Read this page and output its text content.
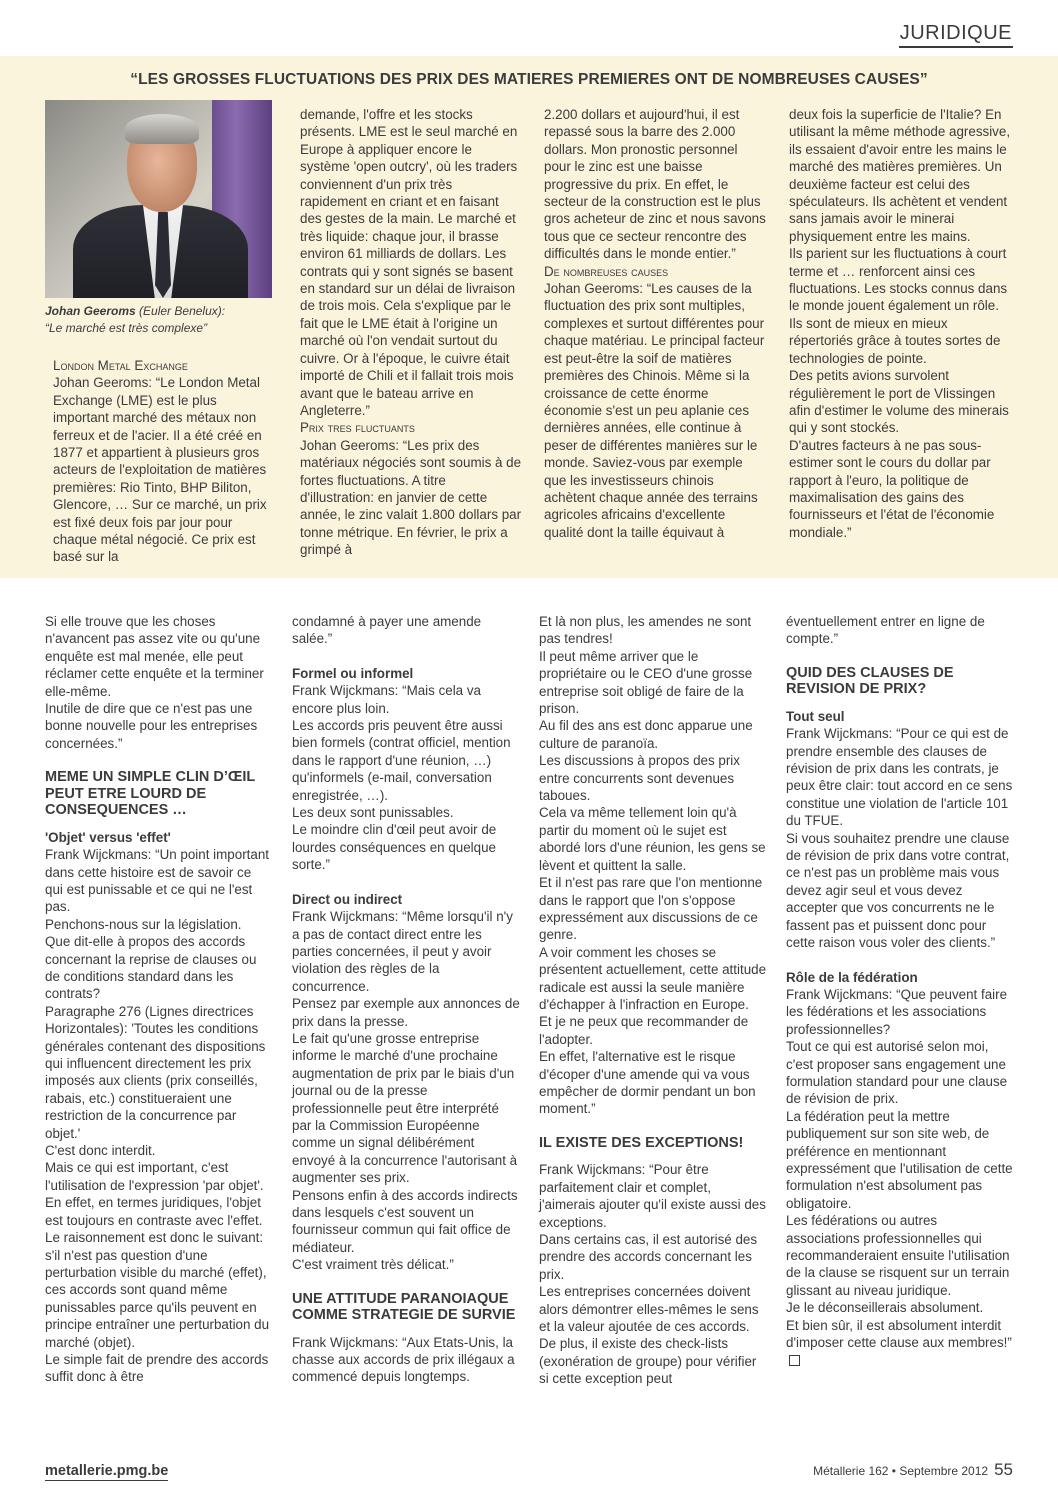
JURIDIQUE
“LES GROSSES FLUCTUATIONS DES PRIX DES MATIERES PREMIERES ONT DE NOMBREUSES CAUSES”
Johan Geeroms (Euler Benelux):
“Le marché est très complexe”

London Metal Exchange

Johan Geeroms: “Le London Metal Exchange (LME) est le plus important marché des métaux non ferreux et de l'acier. Il a été créé en 1877 et appartient à plusieurs gros acteurs de l'exploitation de matières premières: Rio Tinto, BHP Biliton, Glencore, … Sur ce marché, un prix est fixé deux fois par jour pour chaque métal négocié. Ce prix est basé sur la

demande, l'offre et les stocks présents. LME est le seul marché en Europe à appliquer encore le système 'open outcry', où les traders conviennent d'un prix très rapidement en criant et en faisant des gestes de la main. Le marché et très liquide: chaque jour, il brasse environ 61 milliards de dollars. Les contrats qui y sont signés se basent en standard sur un délai de livraison de trois mois. Cela s'explique par le fait que le LME était à l'origine un marché où l'on vendait surtout du cuivre. Or à l'époque, le cuivre était importé de Chili et il fallait trois mois avant que le bateau arrive en Angleterre.”

Prix tres fluctuants

Johan Geeroms: “Les prix des matériaux négociés sont soumis à de fortes fluctuations. A titre d'illustration: en janvier de cette année, le zinc valait 1.800 dollars par tonne métrique. En février, le prix a grimpé à

2.200 dollars et aujourd'hui, il est repassé sous la barre des 2.000 dollars. Mon pronostic personnel pour le zinc est une baisse progressive du prix. En effet, le secteur de la construction est le plus gros acheteur de zinc et nous savons tous que ce secteur rencontre des difficultés dans le monde entier.”

De nombreuses causes

Johan Geeroms: “Les causes de la fluctuation des prix sont multiples, complexes et surtout différentes pour chaque matériau. Le principal facteur est peut-être la soif de matières premières des Chinois. Même si la croissance de cette énorme économie s'est un peu aplanie ces dernières années, elle continue à peser de différentes manières sur le monde. Saviez-vous par exemple que les investisseurs chinois achètent chaque année des terrains agricoles africains d'excellente qualité dont la taille équivaut à

deux fois la superficie de l'Italie? En utilisant la même méthode agressive, ils essaient d'avoir entre les mains le marché des matières premières. Un deuxième facteur est celui des spéculateurs. Ils achètent et vendent sans jamais avoir le minerai physiquement entre les mains.

Ils parient sur les fluctuations à court terme et … renforcent ainsi ces fluctuations. Les stocks connus dans le monde jouent également un rôle.

Ils sont de mieux en mieux répertoriés grâce à toutes sortes de technologies de pointe.

Des petits avions survolent régulièrement le port de Vlissingen afin d'estimer le volume des minerais qui y sont stockés.

D'autres facteurs à ne pas sous-estimer sont le cours du dollar par rapport à l'euro, la politique de maximalisation des gains des fournisseurs et l'état de l'économie mondiale.”

Si elle trouve que les choses n'avancent pas assez vite ou qu'une enquête est mal menée, elle peut réclamer cette enquête et la terminer elle-même.

Inutile de dire que ce n'est pas une bonne nouvelle pour les entreprises concernées.”

MEME UN SIMPLE CLIN D’ŒIL PEUT ETRE LOURD DE CONSEQUENCES …

'Objet' versus 'effet'

Frank Wijckmans: “Un point important dans cette histoire est de savoir ce qui est punissable et ce qui ne l'est pas.

Penchons-nous sur la législation. Que dit-elle à propos des accords concernant la reprise de clauses ou de conditions standard dans les contrats?

Paragraphe 276 (Lignes directrices Horizontales): 'Toutes les conditions générales contenant des dispositions qui influencent directement les prix imposés aux clients (prix conseillés, rabais, etc.) constitueraient une restriction de la concurrence par objet.'

C'est donc interdit.

Mais ce qui est important, c'est l'utilisation de l'expression 'par objet'.

En effet, en termes juridiques, l'objet est toujours en contraste avec l'effet.

Le raisonnement est donc le suivant: s'il n'est pas question d'une perturbation visible du marché (effet), ces accords sont quand même punissables parce qu'ils peuvent en principe entraîner une perturbation du marché (objet).

Le simple fait de prendre des accords suffit donc à être

condamné à payer une amende salée.”

Formel ou informel

Frank Wijckmans: “Mais cela va encore plus loin.

Les accords pris peuvent être aussi bien formels (contrat officiel, mention dans le rapport d'une réunion, …) qu'informels (e-mail, conversation enregistrée, …).

Les deux sont punissables.

Le moindre clin d'œil peut avoir de lourdes conséquences en quelque sorte.”

Direct ou indirect

Frank Wijckmans: “Même lorsqu'il n'y a pas de contact direct entre les parties concernées, il peut y avoir violation des règles de la concurrence.

Pensez par exemple aux annonces de prix dans la presse.

Le fait qu'une grosse entreprise informe le marché d'une prochaine augmentation de prix par le biais d'un journal ou de la presse professionnelle peut être interprété par la Commission Européenne comme un signal délibérément envoyé à la concurrence l'autorisant à augmenter ses prix.

Pensons enfin à des accords indirects dans lesquels c'est souvent un fournisseur commun qui fait office de médiateur.

C'est vraiment très délicat.”

UNE ATTITUDE PARANOIAQUE COMME STRATEGIE DE SURVIE

Frank Wijckmans: “Aux Etats-Unis, la chasse aux accords de prix illégaux a commencé depuis longtemps.

Et là non plus, les amendes ne sont pas tendres!

Il peut même arriver que le propriétaire ou le CEO d'une grosse entreprise soit obligé de faire de la prison.

Au fil des ans est donc apparue une culture de paranoïa.

Les discussions à propos des prix entre concurrents sont devenues taboues.

Cela va même tellement loin qu'à partir du moment où le sujet est abordé lors d'une réunion, les gens se lèvent et quittent la salle.

Et il n'est pas rare que l'on mentionne dans le rapport que l'on s'oppose expressément aux discussions de ce genre.

A voir comment les choses se présentent actuellement, cette attitude radicale est aussi la seule manière d'échapper à l'infraction en Europe.

Et je ne peux que recommander de l'adopter.

En effet, l'alternative est le risque d'écoper d'une amende qui va vous empêcher de dormir pendant un bon moment.”

IL EXISTE DES EXCEPTIONS!

Frank Wijckmans: “Pour être parfaitement clair et complet, j'aimerais ajouter qu'il existe aussi des exceptions.

Dans certains cas, il est autorisé des prendre des accords concernant les prix.

Les entreprises concernées doivent alors démontrer elles-mêmes le sens et la valeur ajoutée de ces accords.

De plus, il existe des check-lists (exonération de groupe) pour vérifier si cette exception peut

éventuellement entrer en ligne de compte.”

QUID DES CLAUSES DE REVISION DE PRIX?

Tout seul

Frank Wijckmans: “Pour ce qui est de prendre ensemble des clauses de révision de prix dans les contrats, je peux être clair: tout accord en ce sens constitue une violation de l'article 101 du TFUE.

Si vous souhaitez prendre une clause de révision de prix dans votre contrat, ce n'est pas un problème mais vous devez agir seul et vous devez accepter que vos concurrents ne le fassent pas et puissent donc pour cette raison vous voler des clients.”

Rôle de la fédération

Frank Wijckmans: “Que peuvent faire les fédérations et les associations professionnelles?

Tout ce qui est autorisé selon moi, c'est proposer sans engagement une formulation standard pour une clause de révision de prix.

La fédération peut la mettre publiquement sur son site web, de préférence en mentionnant expressément que l'utilisation de cette formulation n'est absolument pas obligatoire.

Les fédérations ou autres associations professionnelles qui recommanderaient ensuite l'utilisation de la clause se risquent sur un terrain glissant au niveau juridique.

Je le déconseillerais absolument.

Et bien sûr, il est absolument interdit d'imposer cette clause aux membres!”

metallerie.pmg.be	Métallerie 162 • Septembre 2012 55
